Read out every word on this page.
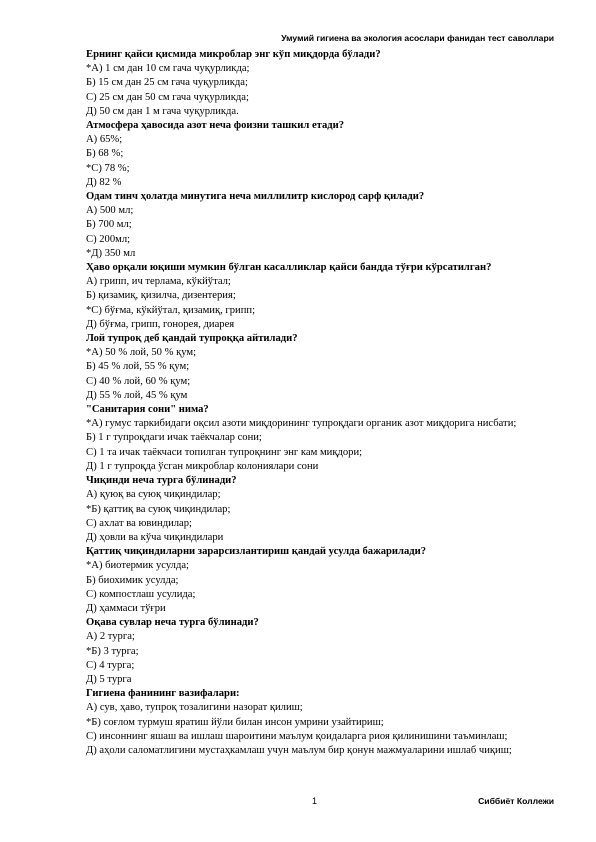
Умумий гигиена ва экология асослари фанидан тест саволлари
Ернинг қайси қисмида микроблар энг кўп миқдорда бўлади?
*А) 1 см дан 10 см гача чуқурликда;
Б) 15 см дан 25 см гача чуқурликда;
С) 25 см дан 50 см гача чуқурликда;
Д) 50 см дан 1 м гача чуқурликда.
Атмосфера ҳавосида азот неча фоизни ташкил етади?
А) 65%;
Б) 68 %;
*С) 78 %;
Д) 82 %
Одам тинч ҳолатда минутига неча миллилитр кислород сарф қилади?
А) 500 мл;
Б) 700 мл;
С) 200мл;
*Д) 350 мл
Ҳаво орқали юқиши мумкин бўлган касалликлар қайси бандда тўғри кўрсатилган?
А) грипп, ич терлама, кўкйўтал;
Б) қизамиқ, қизилча, дизентерия;
*С) бўғма, кўкйўтал, қизамиқ, грипп;
Д) бўғма, грипп, гонорея, диарея
Лой тупроқ деб қандай тупроққа айтилади?
*А) 50 % лой, 50 % қум;
Б) 45 % лой, 55 % қум;
С) 40 % лой, 60 % қум;
Д) 55 % лой, 45 % қум
"Санитария сони" нима?
*А) гумус таркибидаги оқсил азоти миқдорининг тупроқдаги органик азот миқдорига нисбати;
Б) 1 г тупроқдаги ичак таёкчалар сони;
С) 1 та ичак таёкчаси топилган тупроқнинг энг кам миқдори;
Д) 1 г тупроқда ўсган микроблар колониялари сони
Чиқинди неча турга бўлинади?
А) қуюқ ва суюқ чиқиндилар;
*Б) қаттиқ ва суюқ чиқиндилар;
С) ахлат ва ювиндилар;
Д) ҳовли ва кўча чиқиндилари
Қаттиқ чиқиндиларни зарарсизлантириш қандай усулда бажарилади?
*А) биотермик усулда;
Б) биохимик усулда;
С) компостлаш усулида;
Д) ҳаммаси тўғри
Оқава сувлар неча турга бўлинади?
А) 2 турга;
*Б) 3 турга;
С) 4 турга;
Д) 5 турга
Гигиена фанининг вазифалари:
А) сув, ҳаво, тупроқ тозалигини назорат қилиш;
*Б) соғлом турмуш яратиш йўли билан инсон умрини узайтириш;
С) инсоннинг яшаш ва ишлаш шароитини маълум қоидаларга риоя қилинишини таъминлаш;
Д) аҳоли саломатлигини мустаҳкамлаш учун маълум бир қонун мажмуаларини ишлаб чиқиш;
1	Сиббиёт Коллежи
